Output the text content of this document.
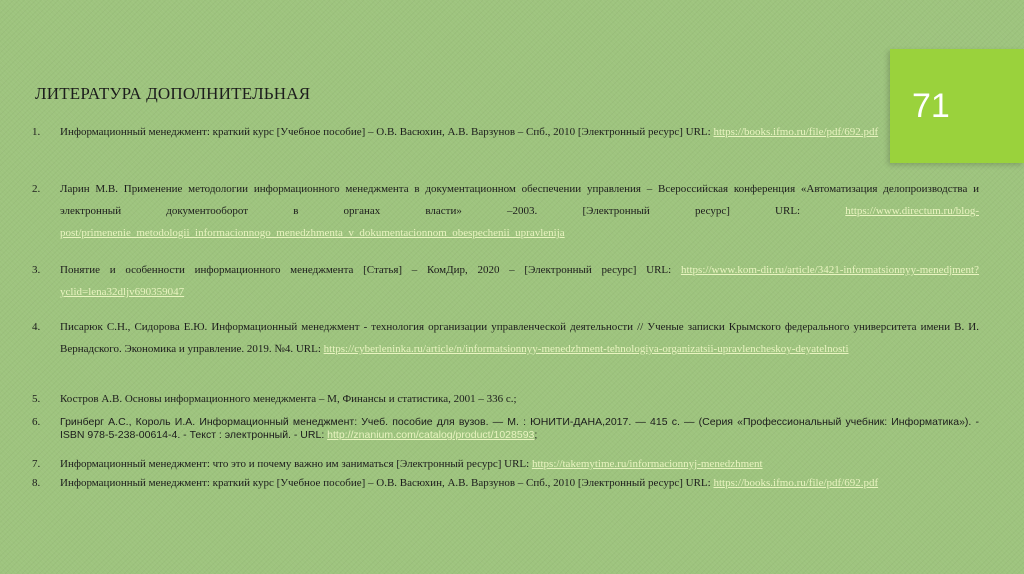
71
ЛИТЕРАТУРА ДОПОЛНИТЕЛЬНАЯ
1. Информационный менеджмент: краткий курс [Учебное пособие] – О.В. Васюхин, А.В. Варзунов – Спб., 2010 [Электронный ресурс] URL: https://books.ifmo.ru/file/pdf/692.pdf
2. Ларин М.В. Применение методологии информационного менеджмента в документационном обеспечении управления – Всероссийская конференция «Автоматизация делопроизводства и электронный документооборот в органах власти» –2003. [Электронный ресурс] URL: https://www.directum.ru/blog-post/primenenie_metodologii_informacionnogo_menedzhmenta_v_dokumentacionnom_obespechenii_upravlenija
3. Понятие и особенности информационного менеджмента [Статья] – КомДир, 2020 – [Электронный ресурс] URL: https://www.kom-dir.ru/article/3421-informatsionnyy-menedjment?yclid=lena32dljv690359047
4. Писарюк С.Н., Сидорова Е.Ю. Информационный менеджмент - технология организации управленческой деятельности // Ученые записки Крымского федерального университета имени В. И. Вернадского. Экономика и управление. 2019. №4. URL: https://cyberleninka.ru/article/n/informatsionnyy-menedzhment-tehnologiya-organizatsii-upravlencheskoy-deyatelnosti
5. Костров А.В. Основы информационного менеджмента – М, Финансы и статистика, 2001 – 336 с.;
6. Гринберг А.С., Король И.А. Информационный менеджмент: Учеб. пособие для вузов. — М. : ЮНИТИ-ДАНА,2017. — 415 с. — (Серия «Профессиональный учебник: Информатика»). - ISBN 978-5-238-00614-4. - Текст : электронный. - URL: http://znanium.com/catalog/product/1028593;
7. Информационный менеджмент: что это и почему важно им заниматься [Электронный ресурс] URL: https://takemytime.ru/informacionnyj-menedzhment
8. Информационный менеджмент: краткий курс [Учебное пособие] – О.В. Васюхин, А.В. Варзунов – Спб., 2010 [Электронный ресурс] URL: https://books.ifmo.ru/file/pdf/692.pdf
